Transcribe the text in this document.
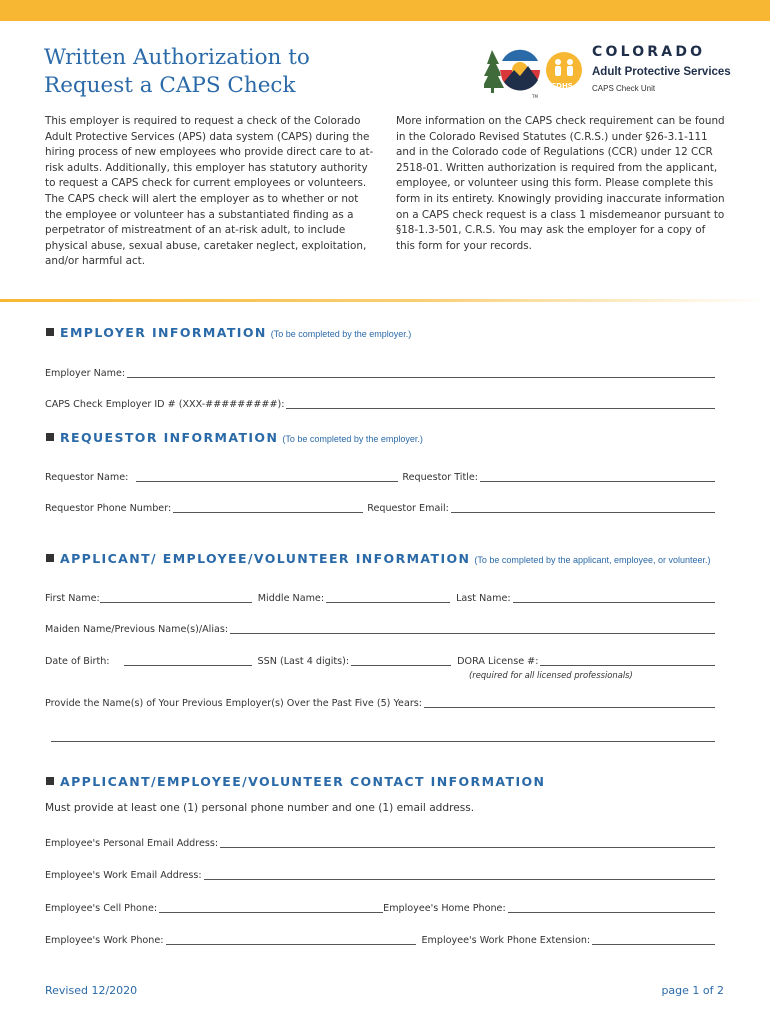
Written Authorization to
Request a CAPS Check	CDHS
TM
COLORADO
Adult Protective Services
CAPS Check Unit

This employer is required to request a check of the Colorado Adult Protective Services (APS) data system (CAPS) during the hiring process of new employees who provide direct care to at-risk adults. Additionally, this employer has statutory authority to request a CAPS check for current employees or volunteers. The CAPS check will alert the employer as to whether or not the employee or volunteer has a substantiated finding as a perpetrator of mistreatment of an at-risk adult, to include physical abuse, sexual abuse, caretaker neglect, exploitation, and/or harmful act.

More information on the CAPS check requirement can be found in the Colorado Revised Statutes (C.R.S.) under §26-3.1-111 and in the Colorado code of Regulations (CCR) under 12 CCR 2518-01. Written authorization is required from the applicant, employee, or volunteer using this form. Please complete this form in its entirety. Knowingly providing inaccurate information on a CAPS check request is a class 1 misdemeanor pursuant to §18-1.3-501, C.R.S. You may ask the employer for a copy of this form for your records.

EMPLOYER INFORMATION (To be completed by the employer.)
Employer Name:
CAPS Check Employer ID # (XXX-#########):
REQUESTOR INFORMATION (To be completed by the employer.)
Requestor Name:	Requestor Title:
Requestor Phone Number:	Requestor Email:
APPLICANT/ EMPLOYEE/VOLUNTEER INFORMATION (To be completed by the applicant, employee, or volunteer.)
First Name:	Middle Name:	Last Name:
Maiden Name/Previous Name(s)/Alias:
Date of Birth:	SSN (Last 4 digits):	DORA License #:
(required for all licensed professionals)
Provide the Name(s) of Your Previous Employer(s) Over the Past Five (5) Years:
APPLICANT/EMPLOYEE/VOLUNTEER CONTACT INFORMATION
Must provide at least one (1) personal phone number and one (1) email address.
Employee's Personal Email Address:
Employee's Work Email Address:
Employee's Cell Phone:	Employee's Home Phone:
Employee's Work Phone:	Employee's Work Phone Extension:
Revised 12/2020	page 1 of 2
